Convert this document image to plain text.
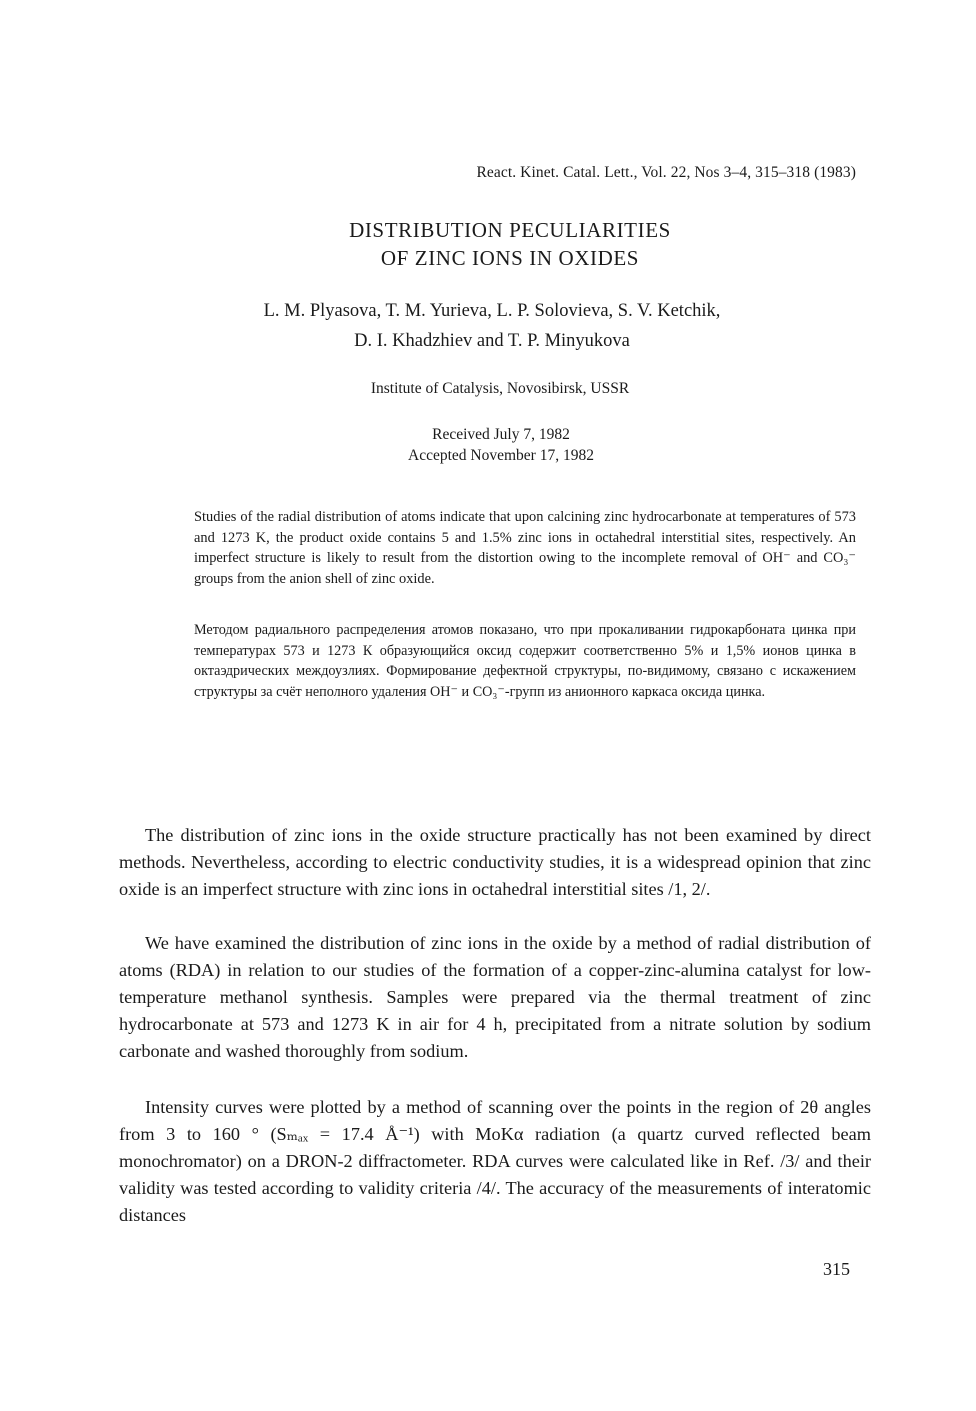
React. Kinet. Catal. Lett., Vol. 22, Nos 3–4, 315–318 (1983)
DISTRIBUTION PECULIARITIES
OF ZINC IONS IN OXIDES
L. M. Plyasova, T. M. Yurieva, L. P. Solovieva, S. V. Ketchik,
D. I. Khadzhiev and T. P. Minyukova
Institute of Catalysis, Novosibirsk, USSR
Received July 7, 1982
Accepted November 17, 1982

Studies of the radial distribution of atoms indicate that upon calcining zinc hydrocarbonate at temperatures of 573 and 1273 K, the product oxide contains 5 and 1.5% zinc ions in octahedral interstitial sites, respectively. An imperfect structure is likely to result from the distortion owing to the incomplete removal of OH⁻ and CO₃⁻ groups from the anion shell of zinc oxide.

Методом радиального распределения атомов показано, что при прокаливании гидрокарбоната цинка при температурах 573 и 1273 К образующийся оксид содержит соответственно 5% и 1,5% ионов цинка в октаэдрических междоузлиях. Формирование дефектной структуры, по-видимому, связано с искажением структуры за счёт неполного удаления OH⁻ и CO₃⁻-групп из анионного каркаса оксида цинка.

The distribution of zinc ions in the oxide structure practically has not been examined by direct methods. Nevertheless, according to electric conductivity studies, it is a widespread opinion that zinc oxide is an imperfect structure with zinc ions in octahedral interstitial sites /1, 2/.

We have examined the distribution of zinc ions in the oxide by a method of radial distribution of atoms (RDA) in relation to our studies of the formation of a copper-zinc-alumina catalyst for low-temperature methanol synthesis. Samples were prepared via the thermal treatment of zinc hydrocarbonate at 573 and 1273 K in air for 4 h, precipitated from a nitrate solution by sodium carbonate and washed thoroughly from sodium.

Intensity curves were plotted by a method of scanning over the points in the region of 2θ angles from 3 to 160 ° (Sₘₐₓ = 17.4 Å⁻¹) with MoKα radiation (a quartz curved reflected beam monochromator) on a DRON-2 diffractometer. RDA curves were calculated like in Ref. /3/ and their validity was tested according to validity criteria /4/. The accuracy of the measurements of interatomic distances

315
